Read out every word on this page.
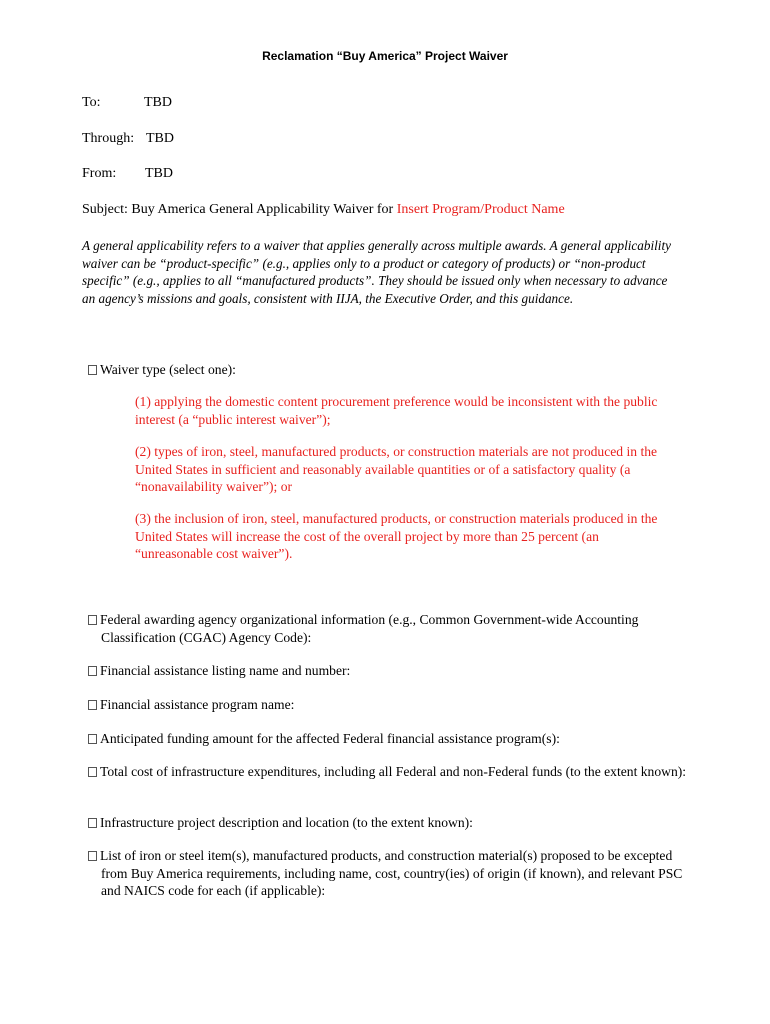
Reclamation “Buy America” Project Waiver
To:	TBD
Through: TBD
From: TBD
Subject: Buy America General Applicability Waiver for Insert Program/Product Name
A general applicability refers to a waiver that applies generally across multiple awards. A general applicability waiver can be “product-specific” (e.g., applies only to a product or category of products) or “non-product specific” (e.g., applies to all “manufactured products”. They should be issued only when necessary to advance an agency’s missions and goals, consistent with IIJA, the Executive Order, and this guidance.
Waiver type (select one):
(1) applying the domestic content procurement preference would be inconsistent with the public interest (a “public interest waiver”);
(2) types of iron, steel, manufactured products, or construction materials are not produced in the United States in sufficient and reasonably available quantities or of a satisfactory quality (a “nonavailability waiver”); or
(3) the inclusion of iron, steel, manufactured products, or construction materials produced in the United States will increase the cost of the overall project by more than 25 percent (an “unreasonable cost waiver”).
Federal awarding agency organizational information (e.g., Common Government-wide Accounting Classification (CGAC) Agency Code):
Financial assistance listing name and number:
Financial assistance program name:
Anticipated funding amount for the affected Federal financial assistance program(s):
Total cost of infrastructure expenditures, including all Federal and non-Federal funds (to the extent known):
Infrastructure project description and location (to the extent known):
List of iron or steel item(s), manufactured products, and construction material(s) proposed to be excepted from Buy America requirements, including name, cost, country(ies) of origin (if known), and relevant PSC and NAICS code for each (if applicable):
